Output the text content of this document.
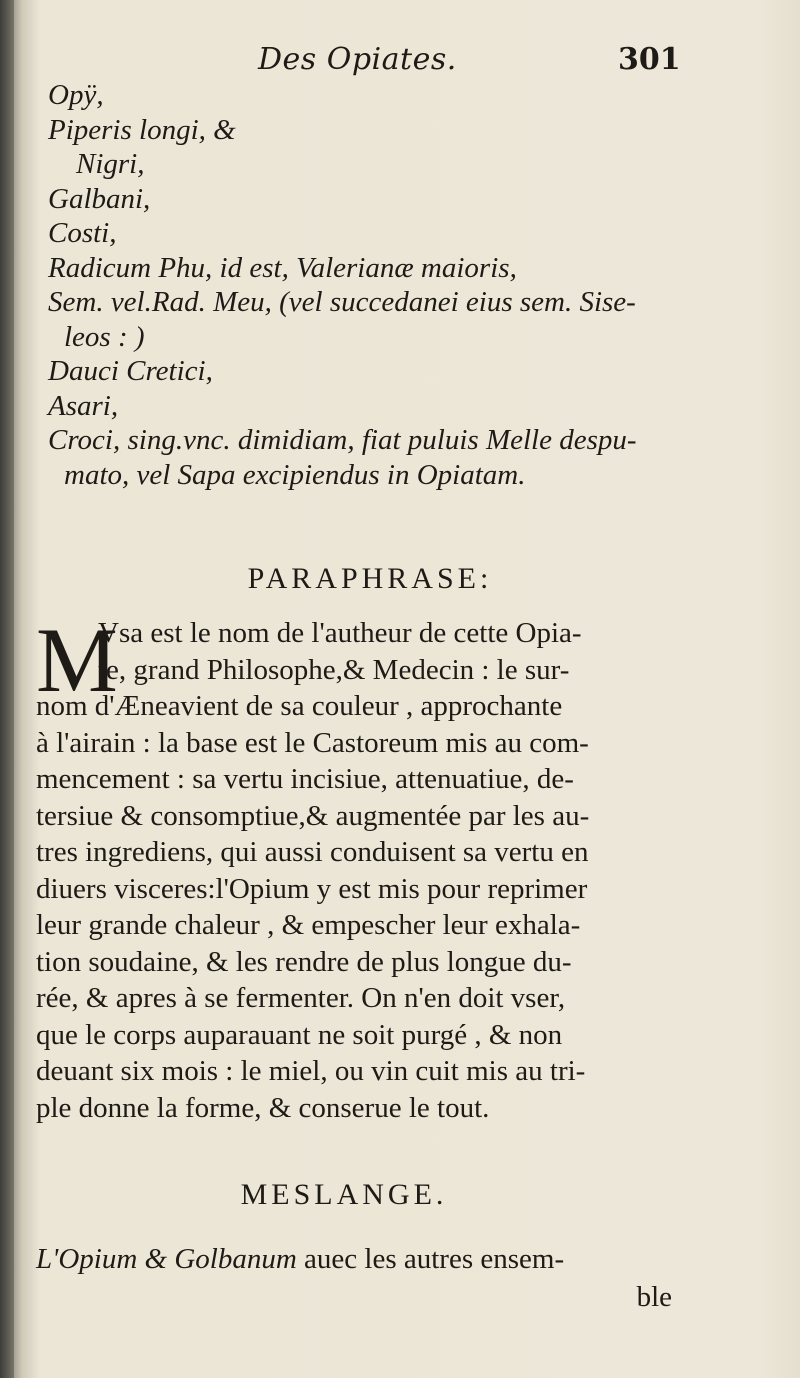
Des Opiates.	301
Opÿ,
Piperis longi, &
Nigri,
Galbani,
Costi,
Radicum Phu, id est, Valerianæ maioris,
Sem. vel.Rad. Meu, (vel succedanei eius sem. Sise-
leos : )
Dauci Cretici,
Asari,
Croci, sing.vnc. dimidiam, fiat puluis Melle despu-
mato, vel Sapa excipiendus in Opiatam.
PARAPHRASE:
M
Vsa est le nom de l'autheur de cette Opia-
te, grand Philosophe,& Medecin : le sur-
nom d'Æneavient de sa couleur , approchante
à l'airain : la base est le Castoreum mis au com-
mencement : sa vertu incisiue, attenuatiue, de-
tersiue & consomptiue,& augmentée par les au-
tres ingrediens, qui aussi conduisent sa vertu en
diuers visceres:l'Opium y est mis pour reprimer
leur grande chaleur , & empescher leur exhala-
tion soudaine, & les rendre de plus longue du-
rée, & apres à se fermenter. On n'en doit vser,
que le corps auparauant ne soit purgé , & non
deuant six mois : le miel, ou vin cuit mis au tri-
ple donne la forme, & conserue le tout.
MESLANGE.
L'Opium & Golbanum auec les autres ensem-
ble
